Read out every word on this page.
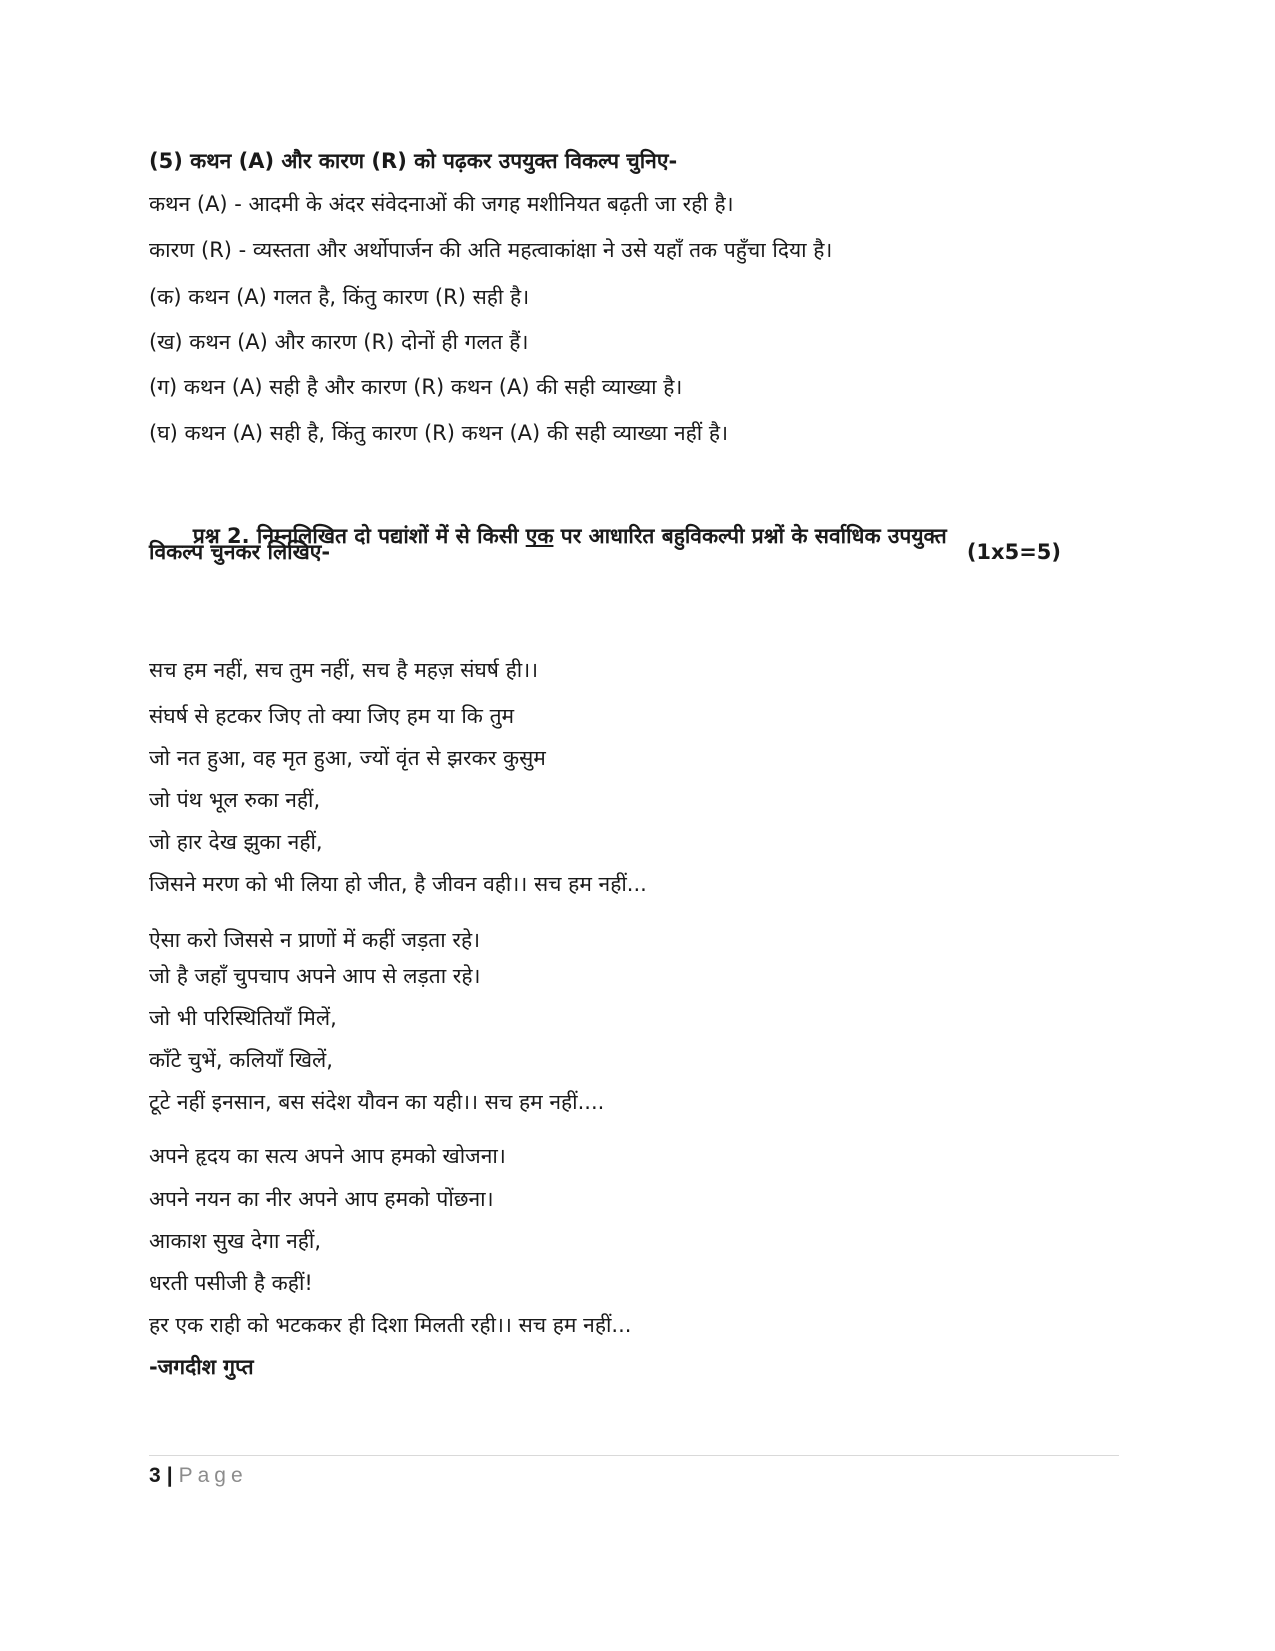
(5) कथन (A) और कारण (R) को पढ़कर उपयुक्त विकल्प चुनिए-
कथन (A) - आदमी के अंदर संवेदनाओं की जगह मशीनियत बढ़ती जा रही है।
कारण (R) - व्यस्तता और अर्थोपार्जन की अति महत्वाकांक्षा ने उसे यहाँ तक पहुँचा दिया है।
(क) कथन (A) गलत है, किंतु कारण (R) सही है।
(ख) कथन (A) और कारण (R) दोनों ही गलत हैं।
(ग) कथन (A) सही है और कारण (R) कथन (A) की सही व्याख्या है।
(घ) कथन (A) सही है, किंतु कारण (R) कथन (A) की सही व्याख्या नहीं है।

प्रश्न 2. निम्नलिखित दो पद्यांशों में से किसी एक पर आधारित बहुविकल्पी प्रश्नों के सर्वाधिक उपयुक्त

विकल्प चुनकर लिखिए-	(1x5=5)
सच हम नहीं, सच तुम नहीं, सच है महज़ संघर्ष ही।।
संघर्ष से हटकर जिए तो क्या जिए हम या कि तुम
जो नत हुआ, वह मृत हुआ, ज्यों वृंत से झरकर कुसुम
जो पंथ भूल रुका नहीं,
जो हार देख झुका नहीं,
जिसने मरण को भी लिया हो जीत, है जीवन वही।। सच हम नहीं...
ऐसा करो जिससे न प्राणों में कहीं जड़ता रहे।
जो है जहाँ चुपचाप अपने आप से लड़ता रहे।
जो भी परिस्थितियाँ मिलें,
काँटे चुभें, कलियाँ खिलें,
टूटे नहीं इनसान, बस संदेश यौवन का यही।। सच हम नहीं....
अपने हृदय का सत्य अपने आप हमको खोजना।
अपने नयन का नीर अपने आप हमको पोंछना।
आकाश सुख देगा नहीं,
धरती पसीजी है कहीं!
हर एक राही को भटककर ही दिशा मिलती रही।। सच हम नहीं...
-जगदीश गुप्त
3 | Page
